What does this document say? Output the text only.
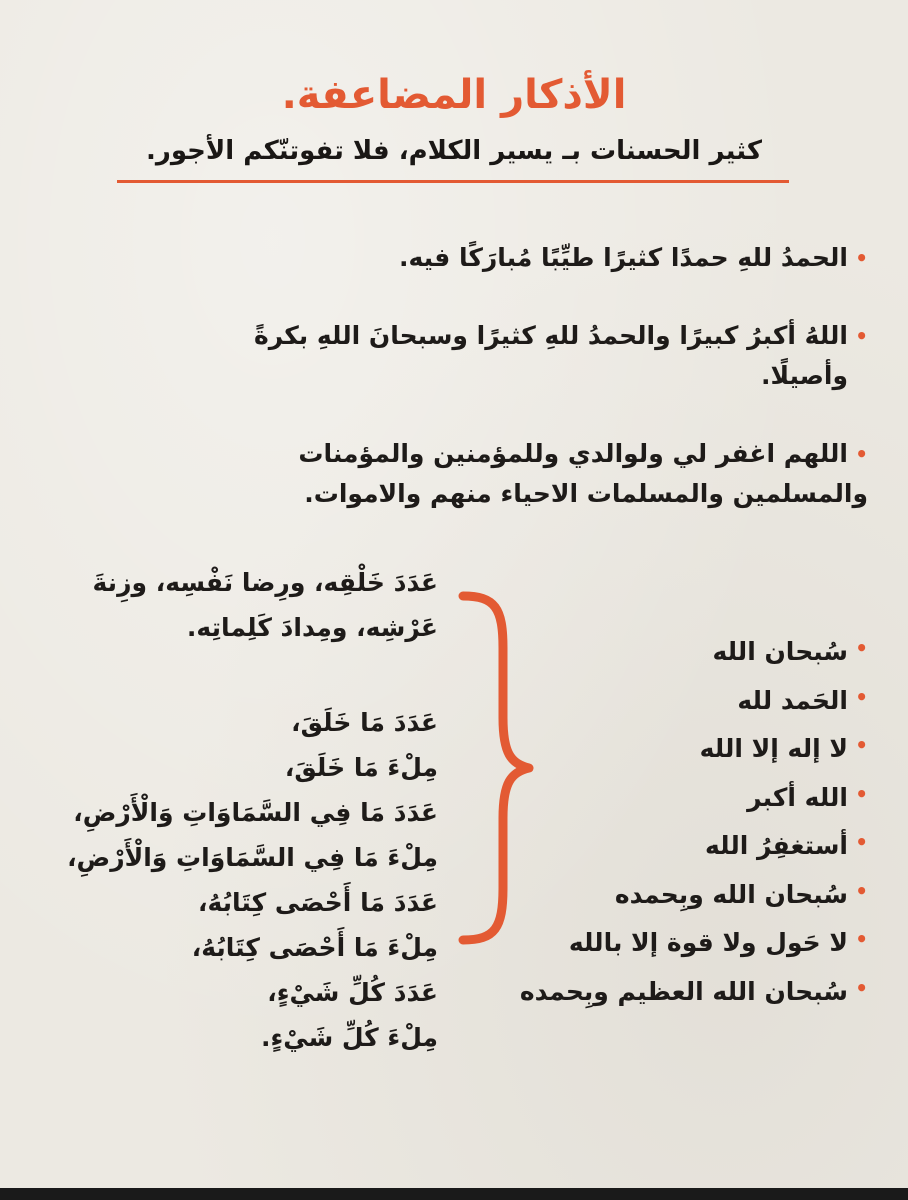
الأذكار المضاعفة.

كثير الحسنات بـ يسير الكلام، فلا تفوتنّكم الأجور.

•
الحمدُ للهِ حمدًا كثيرًا طيِّبًا مُبارَكًا فيه.
•
اللهُ أكبرُ كبيرًا والحمدُ للهِ كثيرًا وسبحانَ اللهِ بكرةً وأصيلًا.
•
اللهم اغفر لي ولوالدي وللمؤمنين والمؤمنات
والمسلمين والمسلمات الاحياء منهم والاموات.
•
سُبحان الله
•
الحَمد لله
•
لا إله إلا الله
•
الله أكبر
•
أستغفِرُ الله
•
سُبحان الله وبِحمده
•
لا حَول ولا قوة إلا بالله
•
سُبحان الله العظيم وبِحمده
عَدَدَ خَلْقِه، ورِضا نَفْسِه، وزِنةَ
عَرْشِه، ومِدادَ كَلِماتِه.
عَدَدَ مَا خَلَقَ،
مِلْءَ مَا خَلَقَ،
عَدَدَ مَا فِي السَّمَاوَاتِ وَالْأَرْضِ،
مِلْءَ مَا فِي السَّمَاوَاتِ وَالْأَرْضِ،
عَدَدَ مَا أَحْصَى كِتَابُهُ،
مِلْءَ مَا أَحْصَى كِتَابُهُ،
عَدَدَ كُلِّ شَيْءٍ،
مِلْءَ كُلِّ شَيْءٍ.
